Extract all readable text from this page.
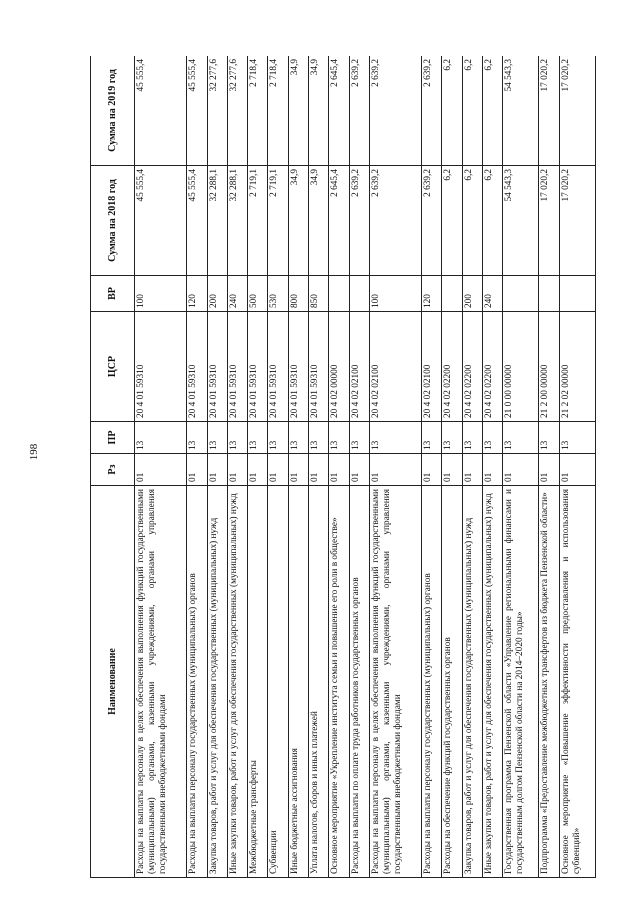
198
Наименование	Рз	ПР	ЦСР	ВР	Сумма на 2018 год	Сумма на 2019 год
Расходы на выплаты персоналу в целях обеспечения выполнения функций государственными (муниципальными) органами, казенными учреждениями, органами управления государственными внебюджетными фондами	01	13	20 4 01 59310	100	45 555,4	45 555,4
Расходы на выплаты персоналу государственных (муниципальных) органов	01	13	20 4 01 59310	120	45 555,4	45 555,4
Закупка товаров, работ и услуг для обеспечения государственных (муниципальных) нужд	01	13	20 4 01 59310	200	32 288,1	32 277,6
Иные закупки товаров, работ и услуг для обеспечения государственных (муниципальных) нужд	01	13	20 4 01 59310	240	32 288,1	32 277,6
Межбюджетные трансферты	01	13	20 4 01 59310	500	2 719,1	2 718,4
Субвенции	01	13	20 4 01 59310	530	2 719,1	2 718,4
Иные бюджетные ассигнования	01	13	20 4 01 59310	800	34,9	34,9
Уплата налогов, сборов и иных платежей	01	13	20 4 01 59310	850	34,9	34,9
Основное мероприятие «Укрепление института семьи и повышение его роли в обществе»	01	13	20 4 02 00000		2 645,4	2 645,4
Расходы на выплаты по оплате труда работников государственных органов	01	13	20 4 02 02100		2 639,2	2 639,2
Расходы на выплаты персоналу в целях обеспечения выполнения функций государственными (муниципальными) органами, казенными учреждениями, органами управления государственными внебюджетными фондами	01	13	20 4 02 02100	100	2 639,2	2 639,2
Расходы на выплаты персоналу государственных (муниципальных) органов	01	13	20 4 02 02100	120	2 639,2	2 639,2
Расходы на обеспечение функций государственных органов	01	13	20 4 02 02200		6,2	6,2
Закупка товаров, работ и услуг для обеспечения государственных (муниципальных) нужд	01	13	20 4 02 02200	200	6,2	6,2
Иные закупки товаров, работ и услуг для обеспечения государственных (муниципальных) нужд	01	13	20 4 02 02200	240	6,2	6,2
Государственная программа Пензенской области «Управление региональными финансами и государственным долгом Пензенской области на 2014–2020 годы»	01	13	21 0 00 00000		54 543,3	54 543,3
Подпрограмма «Предоставление межбюджетных трансфертов из бюджета Пензенской области»	01	13	21 2 00 00000		17 020,2	17 020,2
Основное мероприятие «Повышение эффективности предоставления и использования субвенций»	01	13	21 2 02 00000		17 020,2	17 020,2
